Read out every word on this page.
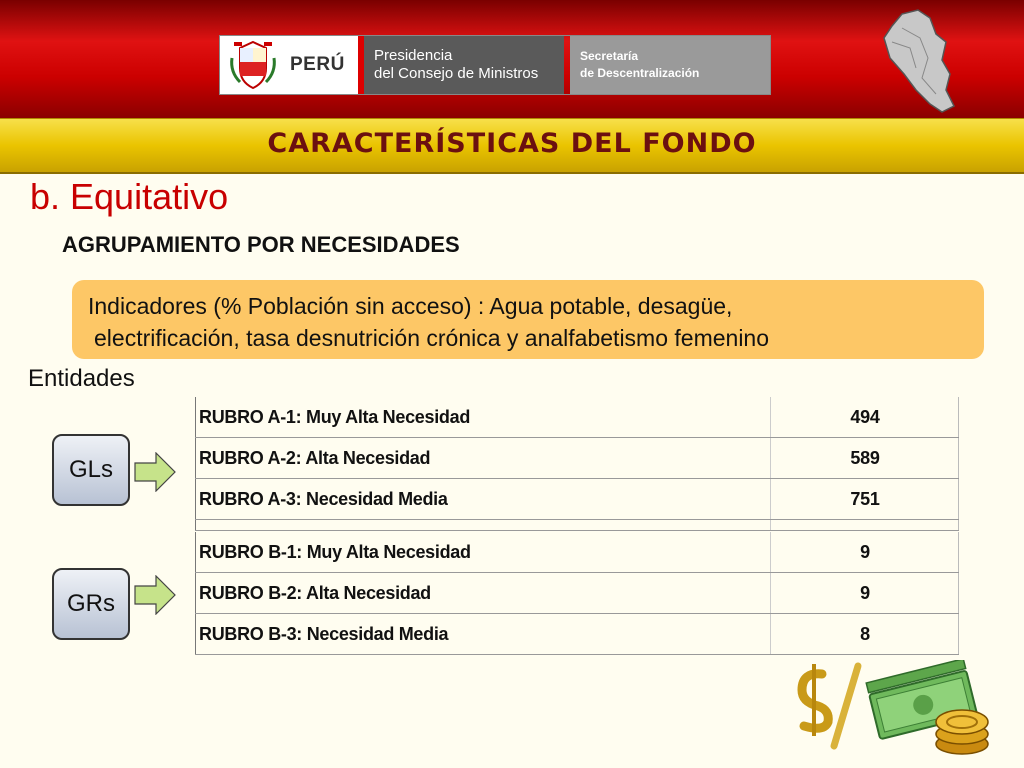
PERÚ Presidencia
del Consejo de Ministros
Secretaría
de Descentralización
CARACTERÍSTICAS DEL FONDO
b. Equitativo
AGRUPAMIENTO POR NECESIDADES
Indicadores (% Población sin acceso) : Agua potable, desagüe,
electrificación, tasa desnutrición crónica y analfabetismo femenino
Entidades
GLs
GRs
RUBRO A-1: Muy Alta Necesidad	494
RUBRO A-2: Alta Necesidad	589
RUBRO A-3: Necesidad Media	751

RUBRO B-1: Muy Alta Necesidad	9
RUBRO B-2: Alta Necesidad	9
RUBRO B-3: Necesidad Media	8
